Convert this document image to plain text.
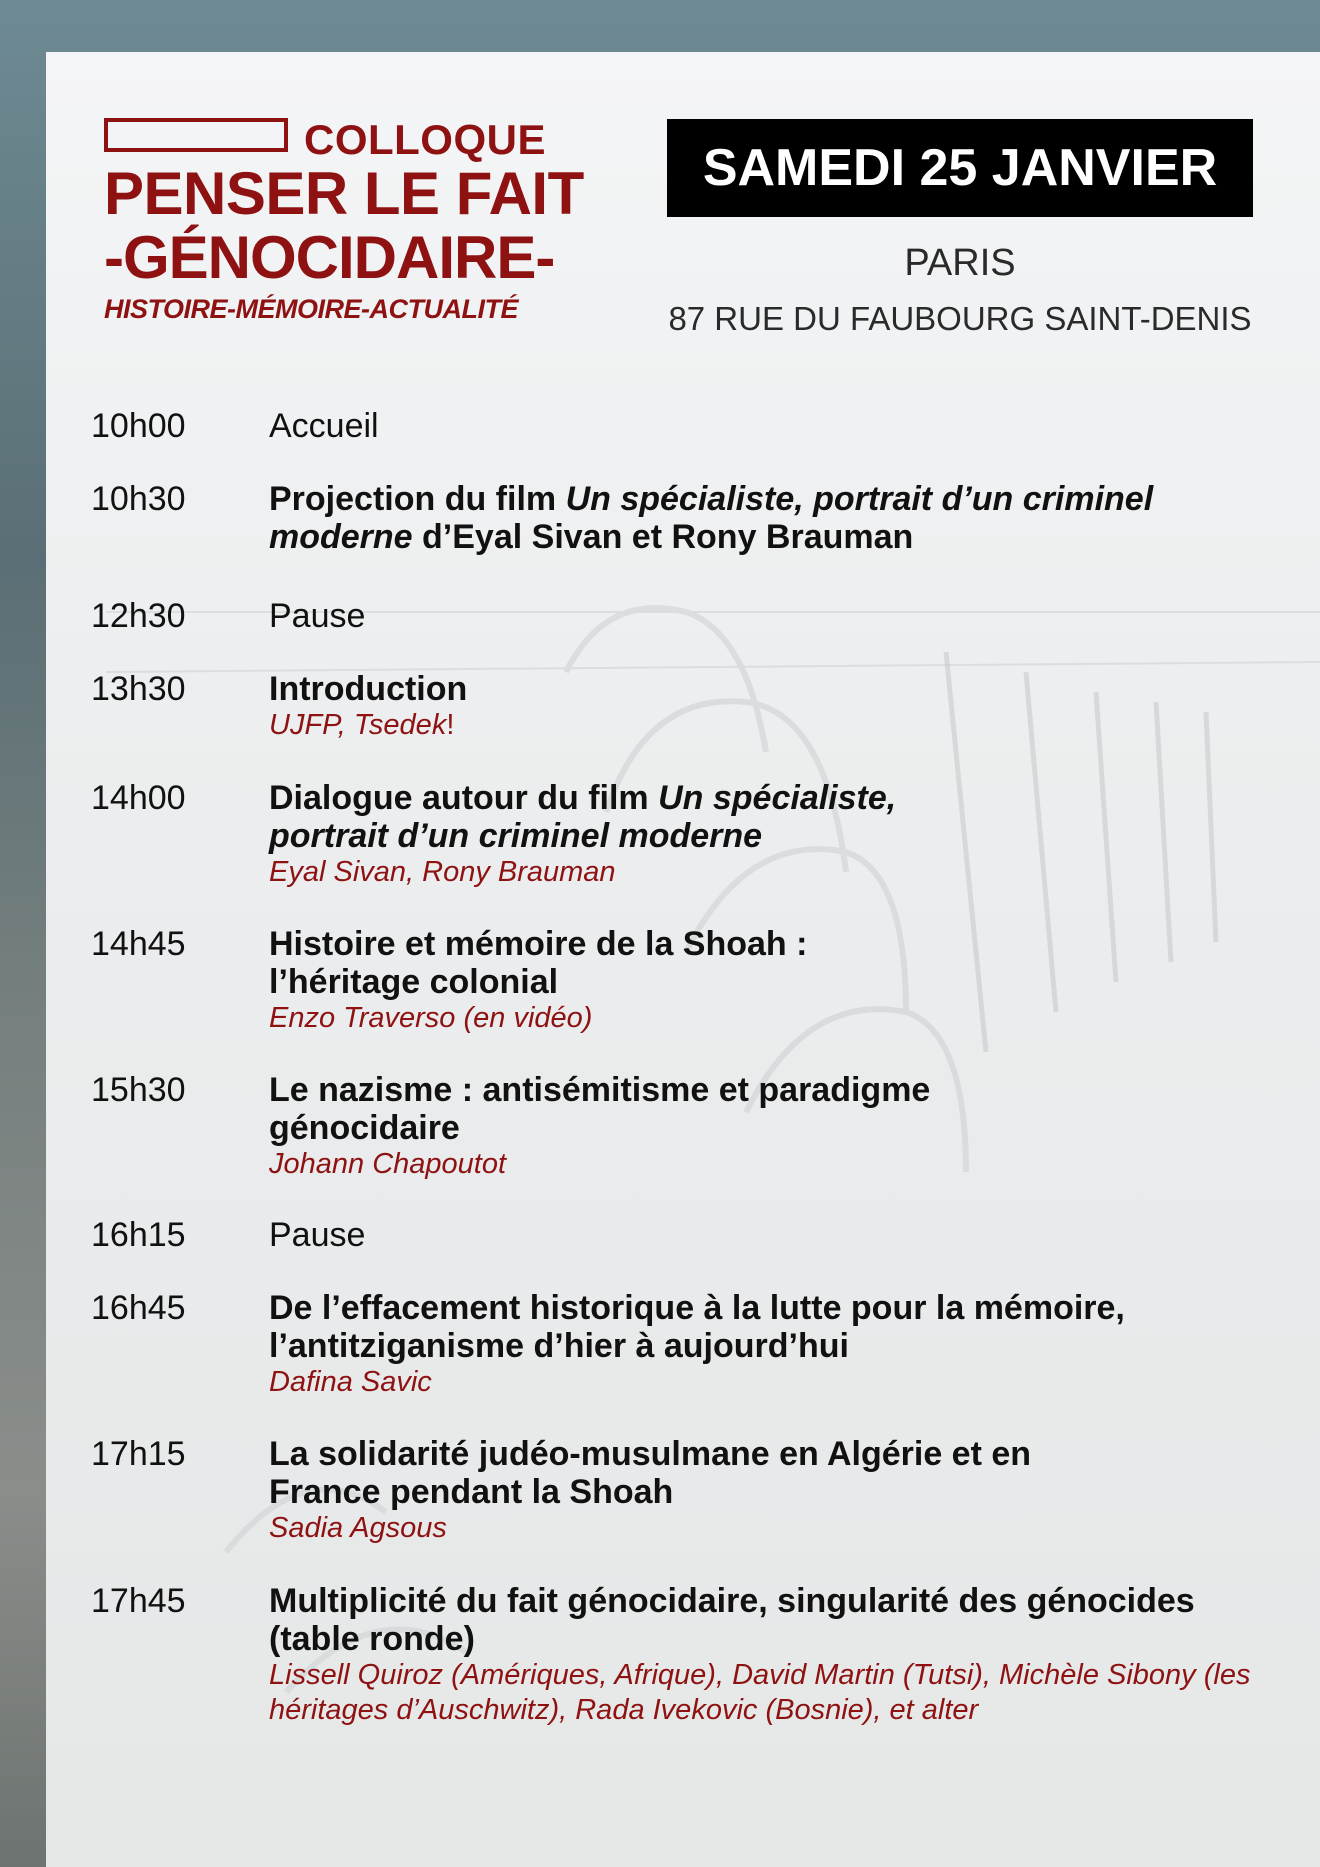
COLLOQUE
PENSER LE FAIT
-GÉNOCIDAIRE-
HISTOIRE-MÉMOIRE-ACTUALITÉ
SAMEDI 25 JANVIER
PARIS
87 RUE DU FAUBOURG SAINT-DENIS
10h00 Accueil
10h30 Projection du film Un spécialiste, portrait d’un criminel moderne d’Eyal Sivan et Rony Brauman
12h30 Pause
13h30 Introduction
UJFP, Tsedek!
14h00 Dialogue autour du film Un spécialiste, portrait d’un criminel moderne
Eyal Sivan, Rony Brauman
14h45 Histoire et mémoire de la Shoah : l’héritage colonial
Enzo Traverso (en vidéo)
15h30 Le nazisme : antisémitisme et paradigme génocidaire
Johann Chapoutot
16h15 Pause
16h45 De l’effacement historique à la lutte pour la mémoire, l’antitziganisme d’hier à aujourd’hui
Dafina Savic
17h15 La solidarité judéo-musulmane en Algérie et en France pendant la Shoah
Sadia Agsous
17h45 Multiplicité du fait génocidaire, singularité des génocides (table ronde)
Lissell Quiroz (Amériques, Afrique), David Martin (Tutsi), Michèle Sibony (les héritages d’Auschwitz), Rada Ivekovic (Bosnie), et alter
